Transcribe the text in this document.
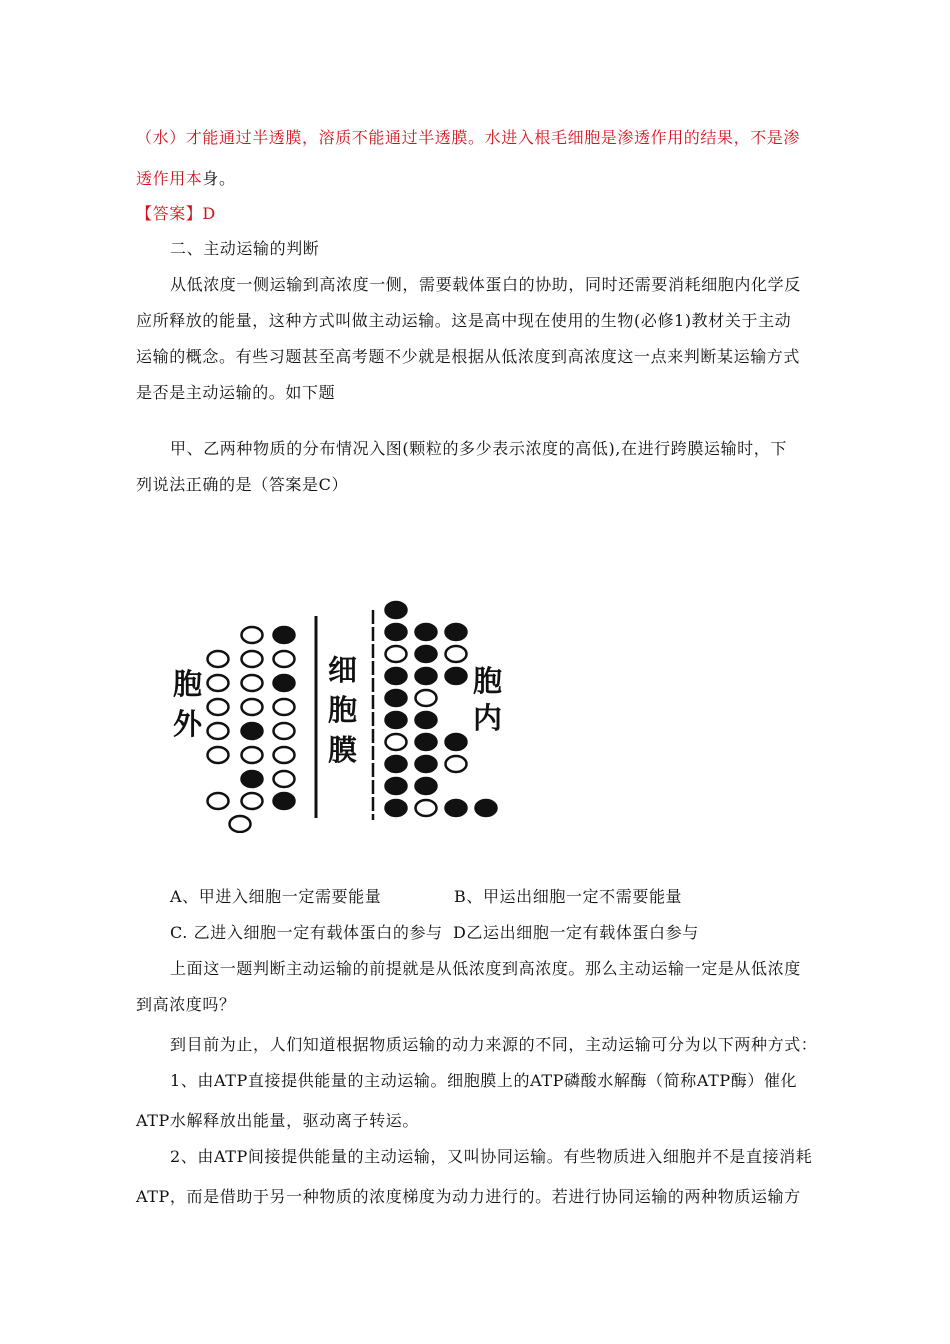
（水）才能通过半透膜，溶质不能通过半透膜。水进入根毛细胞是渗透作用的结果，不是渗
透作用本身。
【答案】D
二、主动运输的判断
从低浓度一侧运输到高浓度一侧，需要载体蛋白的协助，同时还需要消耗细胞内化学反
应所释放的能量，这种方式叫做主动运输。这是高中现在使用的生物(必修1)教材关于主动
运输的概念。有些习题甚至高考题不少就是根据从低浓度到高浓度这一点来判断某运输方式
是否是主动运输的。如下题
甲、乙两种物质的分布情况入图(颗粒的多少表示浓度的高低),在进行跨膜运输时，下
列说法正确的是（答案是C）
胞
外
细
胞
膜
胞
内
A、甲进入细胞一定需要能量	B、甲运出细胞一定不需要能量
C. 乙进入细胞一定有载体蛋白的参与 D乙运出细胞一定有载体蛋白参与
上面这一题判断主动运输的前提就是从低浓度到高浓度。那么主动运输一定是从低浓度
到高浓度吗？
到目前为止，人们知道根据物质运输的动力来源的不同，主动运输可分为以下两种方式：
1、由ATP直接提供能量的主动运输。细胞膜上的ATP磷酸水解酶（简称ATP酶）催化
ATP水解释放出能量，驱动离子转运。
2、由ATP间接提供能量的主动运输，又叫协同运输。有些物质进入细胞并不是直接消耗
ATP，而是借助于另一种物质的浓度梯度为动力进行的。若进行协同运输的两种物质运输方
